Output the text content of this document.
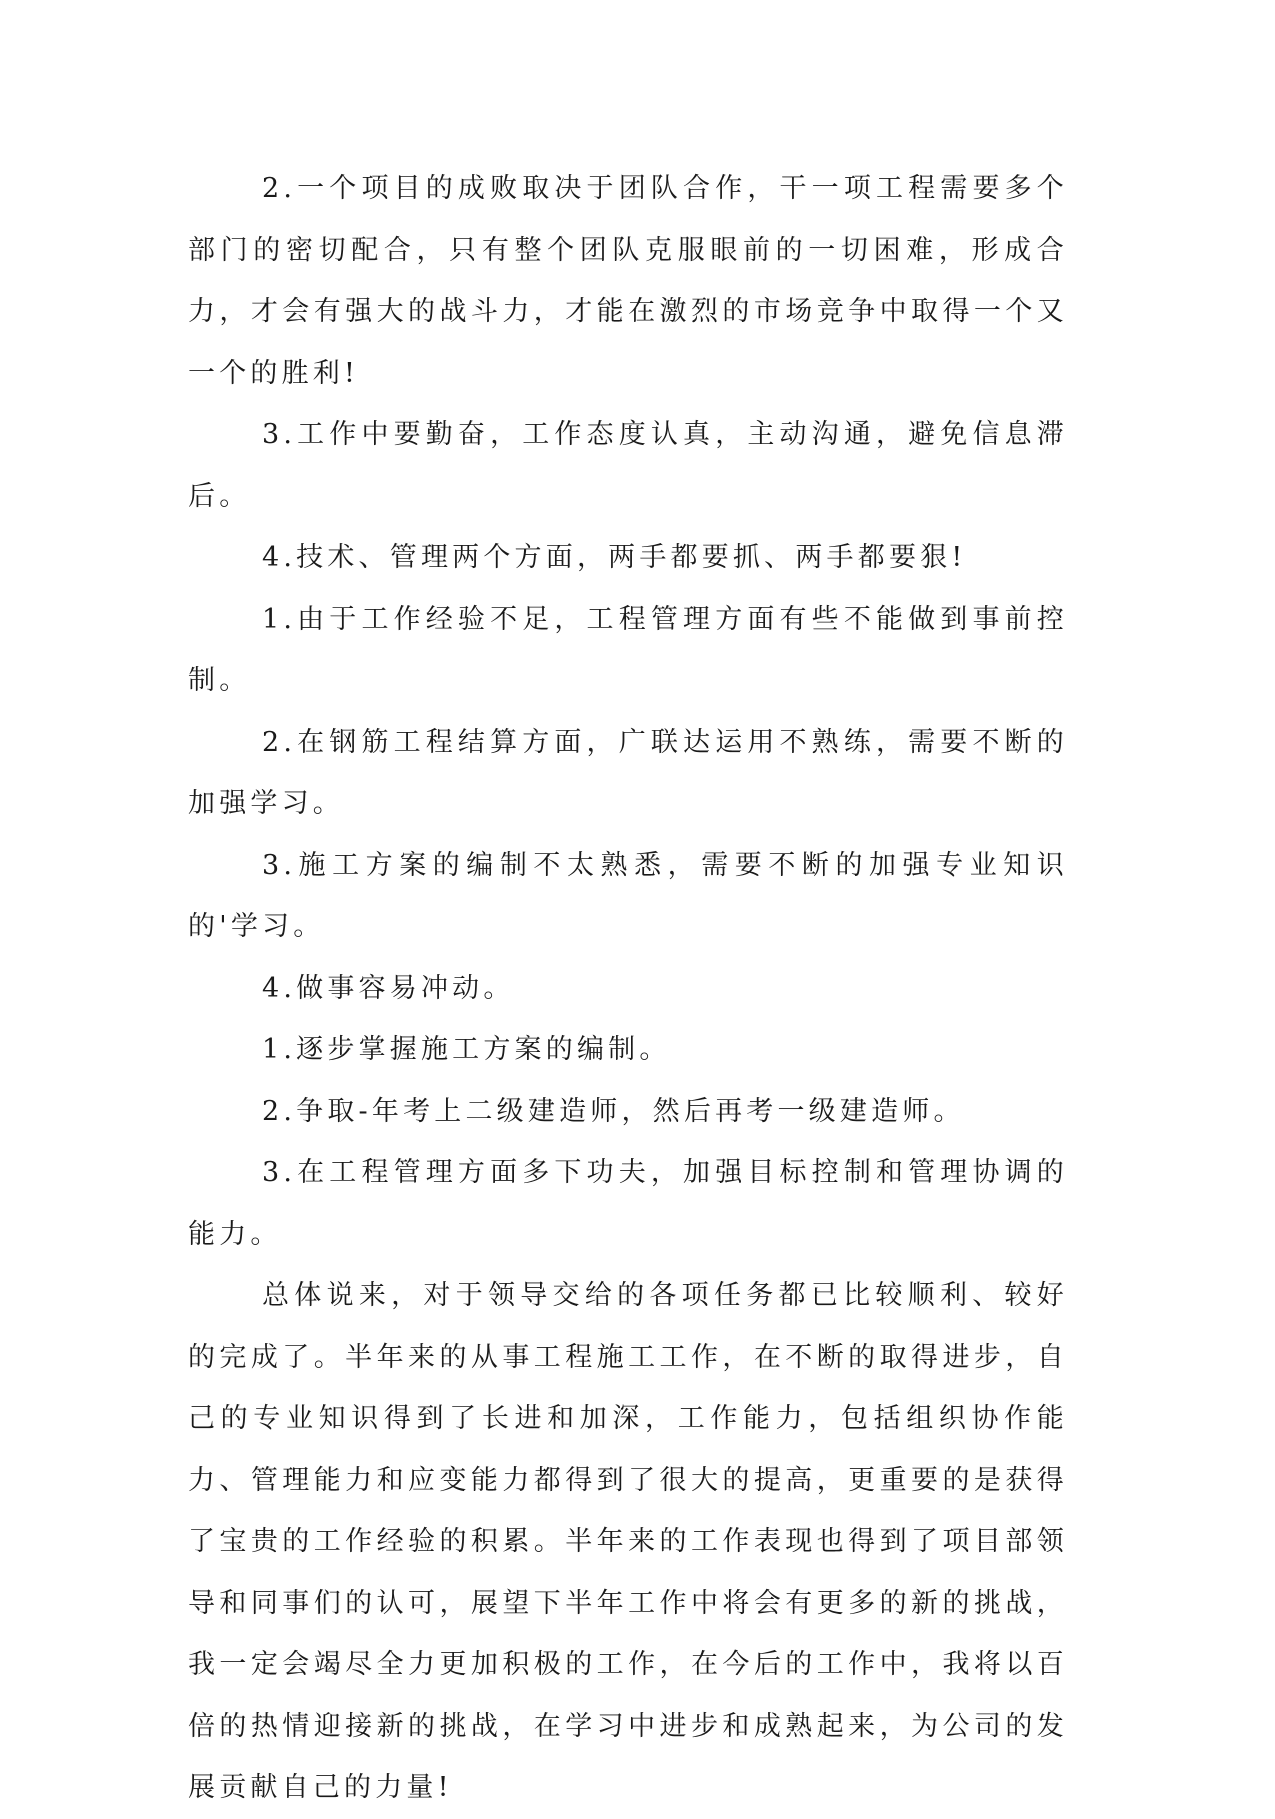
2.一个项目的成败取决于团队合作，干一项工程需要多个部门的密切配合，只有整个团队克服眼前的一切困难，形成合力，才会有强大的战斗力，才能在激烈的市场竞争中取得一个又一个的胜利!

3.工作中要勤奋，工作态度认真，主动沟通，避免信息滞后。

4.技术、管理两个方面，两手都要抓、两手都要狠!

1.由于工作经验不足，工程管理方面有些不能做到事前控制。

2.在钢筋工程结算方面，广联达运用不熟练，需要不断的加强学习。

3.施工方案的编制不太熟悉，需要不断的加强专业知识的'学习。

4.做事容易冲动。

1.逐步掌握施工方案的编制。

2.争取-年考上二级建造师，然后再考一级建造师。

3.在工程管理方面多下功夫，加强目标控制和管理协调的能力。

总体说来，对于领导交给的各项任务都已比较顺利、较好的完成了。半年来的从事工程施工工作，在不断的取得进步，自己的专业知识得到了长进和加深，工作能力，包括组织协作能力、管理能力和应变能力都得到了很大的提高，更重要的是获得了宝贵的工作经验的积累。半年来的工作表现也得到了项目部领导和同事们的认可，展望下半年工作中将会有更多的新的挑战，我一定会竭尽全力更加积极的工作，在今后的工作中，我将以百倍的热情迎接新的挑战，在学习中进步和成熟起来，为公司的发展贡献自己的力量!
